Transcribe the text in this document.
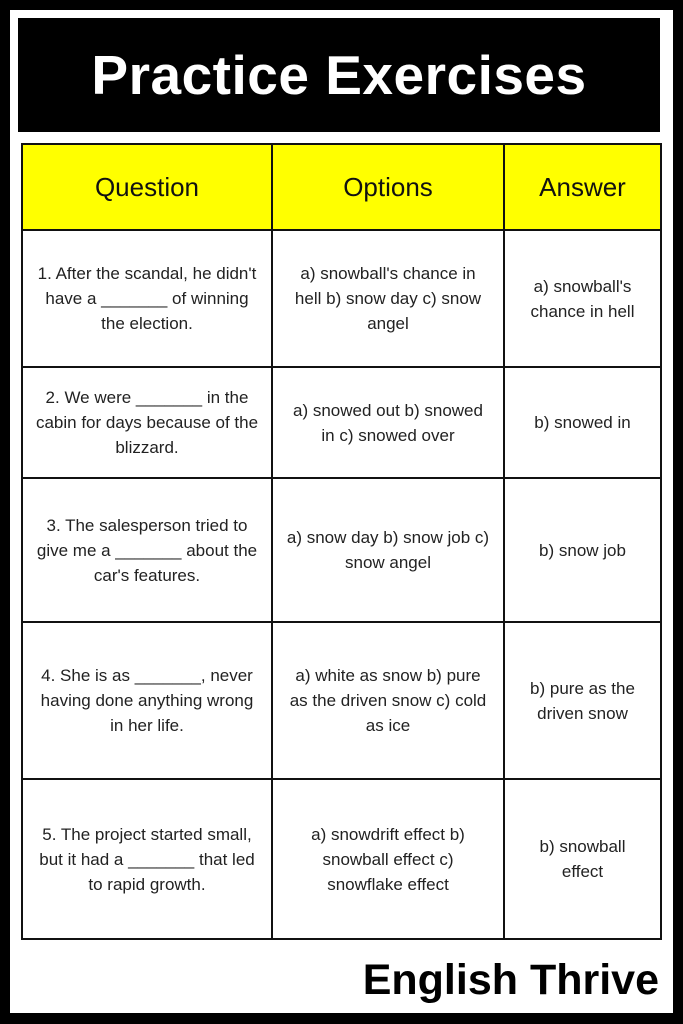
Practice Exercises
Question	Options	Answer
1. After the scandal, he didn't have a _______ of winning the election.	a) snowball's chance in hell b) snow day c) snow angel	a) snowball's chance in hell
2. We were _______ in the cabin for days because of the blizzard.	a) snowed out b) snowed in c) snowed over	b) snowed in
3. The salesperson tried to give me a _______ about the car's features.	a) snow day b) snow job c) snow angel	b) snow job
4. She is as _______, never having done anything wrong in her life.	a) white as snow b) pure as the driven snow c) cold as ice	b) pure as the driven snow
5. The project started small, but it had a _______ that led to rapid growth.	a) snowdrift effect b) snowball effect c) snowflake effect	b) snowball effect
English Thrive
